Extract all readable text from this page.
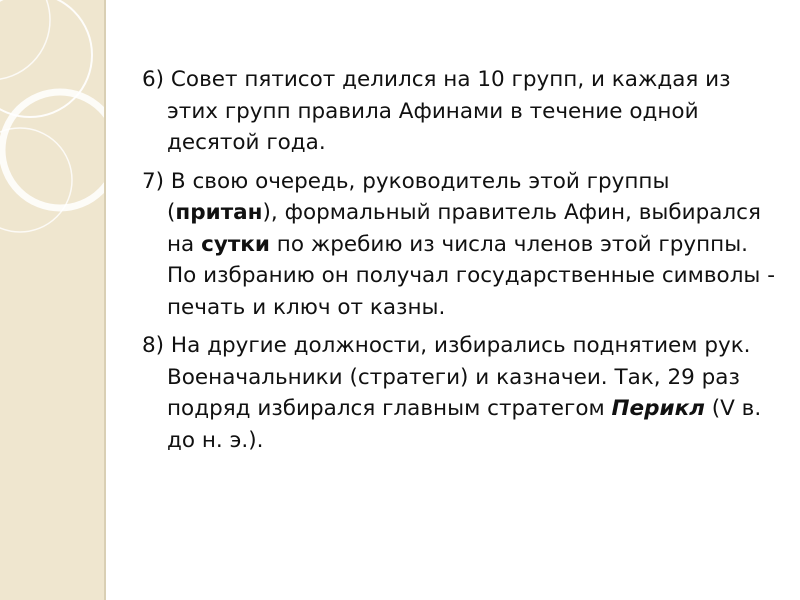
6) Совет пятисот делился на 10 групп, и каждая из этих групп правила Афинами в течение одной десятой года.

7) В свою очередь, руководитель этой группы (притан), формальный правитель Афин, выбирался на сутки по жребию из числа членов этой группы. По избранию он получал государственные символы - печать и ключ от казны.

8) На другие должности, избирались поднятием рук. Военачальники (стратеги) и казначеи. Так, 29 раз подряд избирался главным стратегом Перикл (V в. до н. э.).
